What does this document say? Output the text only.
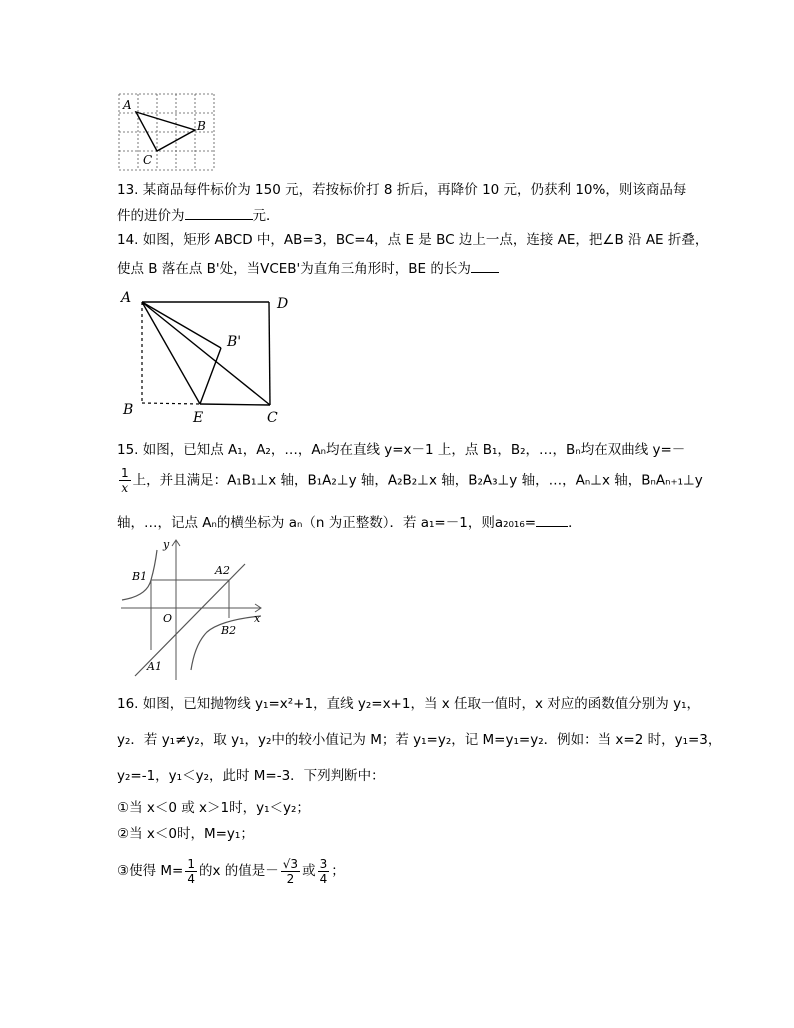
A
B
C
13. 某商品每件标价为 150 元，若按标价打 8 折后，再降价 10 元，仍获利 10%，则该商品每
件的进价为	元．
14. 如图，矩形 ABCD 中，AB=3，BC=4，点 E 是 BC 边上一点，连接 AE，把∠B 沿 AE 折叠，
使点 B 落在点 B'处，当VCEB'为直角三角形时，BE 的长为
A	D
B'
B	E	C
15. 如图，已知点 A₁，A₂，…，Aₙ均在直线 y=x－1 上，点 B₁，B₂，…，Bₙ均在双曲线 y=－
$\frac{1}{x}$ 上，并且满足：A₁B₁⊥x 轴，B₁A₂⊥y 轴，A₂B₂⊥x 轴，B₂A₃⊥y 轴，…，Aₙ⊥x 轴，BₙAₙ₊₁⊥y
轴，…，记点 Aₙ的横坐标为 aₙ（n 为正整数）．若 a₁=－1，则a₂₀₁₆= ．
y
B1	A2
O	x
B2
A1
16. 如图，已知抛物线 y₁=x²+1，直线 y₂=x+1，当 x 任取一值时，x 对应的函数值分别为 y₁，
y₂．若 y₁≠y₂，取 y₁，y₂中的较小值记为 M；若 y₁=y₂，记 M=y₁=y₂．例如：当 x=2 时，y₁=3，
y₂=-1，y₁＜y₂，此时 M=-3．下列判断中：
①当 x＜0 或 x＞1时，y₁＜y₂；
②当 x＜0时，M=y₁；
③使得 $M= \frac{1}{4}$ 的x 的值是－ $\frac{√3}{2}$ 或 $\frac{3}{4}$ ；
